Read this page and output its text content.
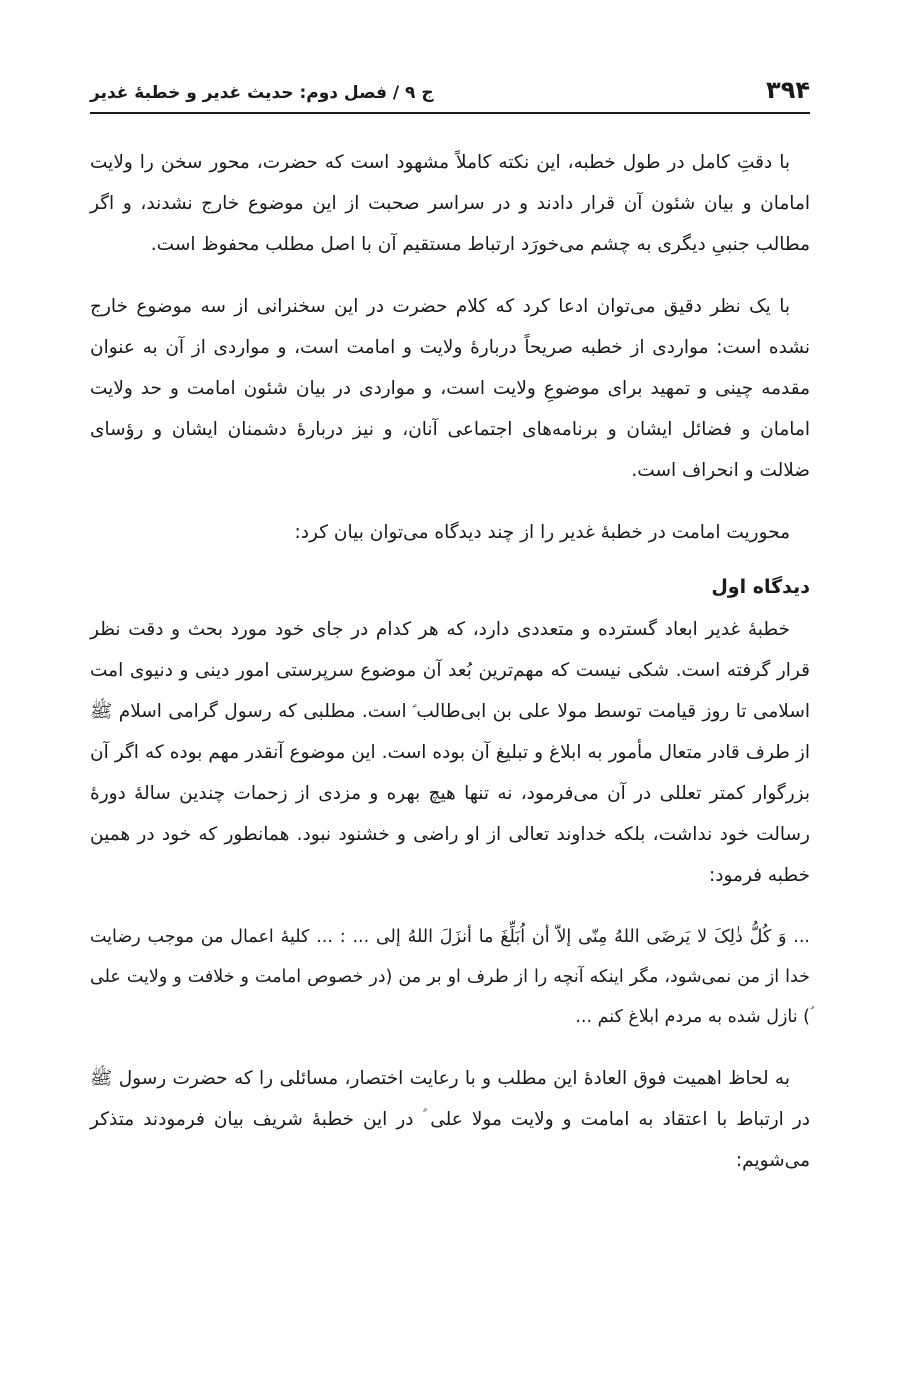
۳۹۴
ج ۹ / فصل دوم: حدیث غدیر و خطبهٔ غدیر

با دقتِ کامل در طول خطبه، این نکته کاملاً مشهود است که حضرت، محور سخن را ولایت امامان و بیان شئون آن قرار دادند و در سراسر صحبت از این موضوع خارج نشدند، و اگر مطالب جنبیِ دیگری به چشم می‌خورَد ارتباط مستقیم آن با اصل مطلب محفوظ است.

با یک نظر دقیق می‌توان ادعا کرد که کلام حضرت در این سخنرانی از سه موضوع خارج نشده است: مواردی از خطبه صریحاً دربارهٔ ولایت و امامت است، و مواردی از آن به عنوان مقدمه چینی و تمهید برای موضوعِ ولایت است، و مواردی در بیان شئون امامت و حد ولایت امامان و فضائل ایشان و برنامه‌های اجتماعی آنان، و نیز دربارهٔ دشمنان ایشان و رؤسای ضلالت و انحراف است.

محوریت امامت در خطبهٔ غدیر را از چند دیدگاه می‌توان بیان کرد:

دیدگاه اول

خطبهٔ غدیر ابعاد گسترده و متعددی دارد، که هر کدام در جای خود مورد بحث و دقت نظر قرار گرفته است. شکی نیست که مهم‌ترین بُعد آن موضوع سرپرستی امور دینی و دنیوی امت اسلامی تا روز قیامت توسط مولا علی بن ابی‌طالب ؑ است. مطلبی که رسول گرامی اسلام ﷺ از طرف قادر متعال مأمور به ابلاغ و تبلیغ آن بوده است. این موضوع آنقدر مهم بوده که اگر آن بزرگوار کمتر تعللی در آن می‌فرمود، نه تنها هیچ بهره و مزدی از زحمات چندین سالهٔ دورهٔ رسالت خود نداشت، بلکه خداوند تعالی از او راضی و خشنود نبود. همانطور که خود در همین خطبه فرمود:

... وَ کُلُّ ذٰلِکَ لا یَرضَی اللهُ مِنّی إلاّ أن اُبَلِّغَ ما أنزَلَ اللهُ إلی ... : ... کلیهٔ اعمال من موجب رضایت خدا از من نمی‌شود، مگر اینکه آنچه را از طرف او بر من (در خصوص امامت و خلافت و ولایت علی ؑ) نازل شده به مردم ابلاغ کنم ...

به لحاظ اهمیت فوق العادهٔ این مطلب و با رعایت اختصار، مسائلی را که حضرت رسول ﷺ در ارتباط با اعتقاد به امامت و ولایت مولا علی ؑ در این خطبهٔ شریف بیان فرمودند متذکر می‌شویم:
